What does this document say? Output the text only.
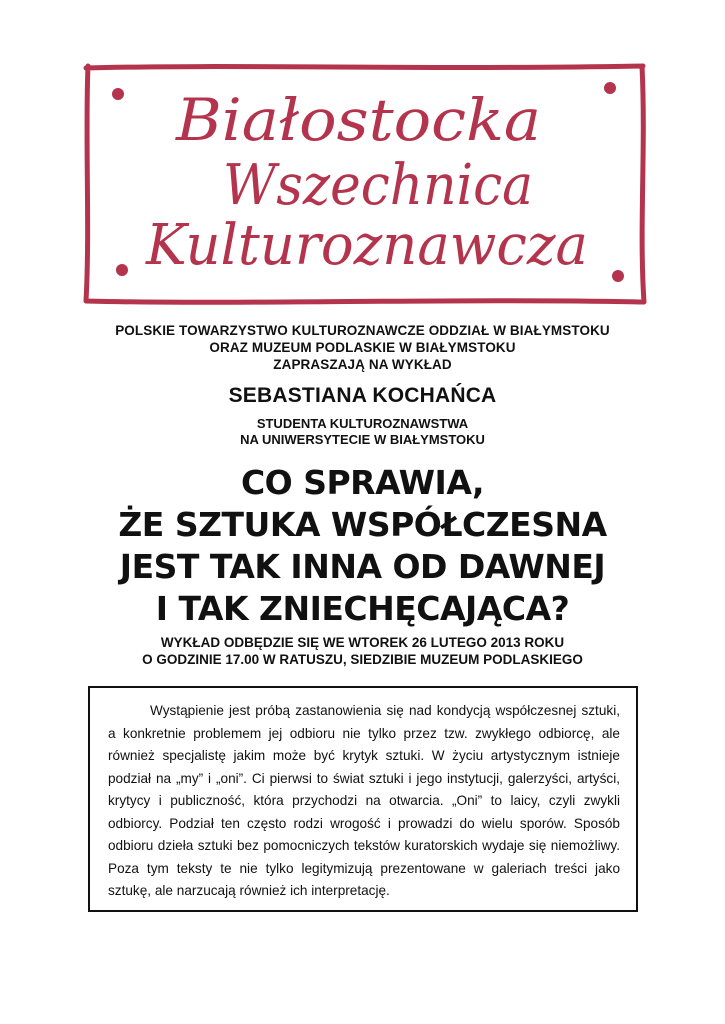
Białostocka
Wszechnica
Kulturoznawcza
POLSKIE TOWARZYSTWO KULTUROZNAWCZE ODDZIAŁ W BIAŁYMSTOKU
ORAZ MUZEUM PODLASKIE W BIAŁYMSTOKU
ZAPRASZAJĄ NA WYKŁAD
SEBASTIANA KOCHAŃCA
STUDENTA KULTUROZNAWSTWA
NA UNIWERSYTECIE W BIAŁYMSTOKU
CO SPRAWIA,
ŻE SZTUKA WSPÓŁCZESNA
JEST TAK INNA OD DAWNEJ
I TAK ZNIECHĘCAJĄCA?
WYKŁAD ODBĘDZIE SIĘ WE WTOREK 26 LUTEGO 2013 ROKU
O GODZINIE 17.00 W RATUSZU, SIEDZIBIE MUZEUM PODLASKIEGO

Wystąpienie jest próbą zastanowienia się nad kondycją współczesnej sztuki, a konkretnie problemem jej odbioru nie tylko przez tzw. zwykłego odbiorcę, ale również specjalistę jakim może być krytyk sztuki. W życiu artystycznym istnieje podział na „my” i „oni”. Ci pierwsi to świat sztuki i jego instytucji, galerzyści, artyści, krytycy i publiczność, która przychodzi na otwarcia. „Oni” to laicy, czyli zwykli odbiorcy. Podział ten często rodzi wrogość i prowadzi do wielu sporów. Sposób odbioru dzieła sztuki bez pomocniczych tekstów kuratorskich wydaje się niemożliwy. Poza tym teksty te nie tylko legitymizują prezentowane w galeriach treści jako sztukę, ale narzucają również ich interpretację.
